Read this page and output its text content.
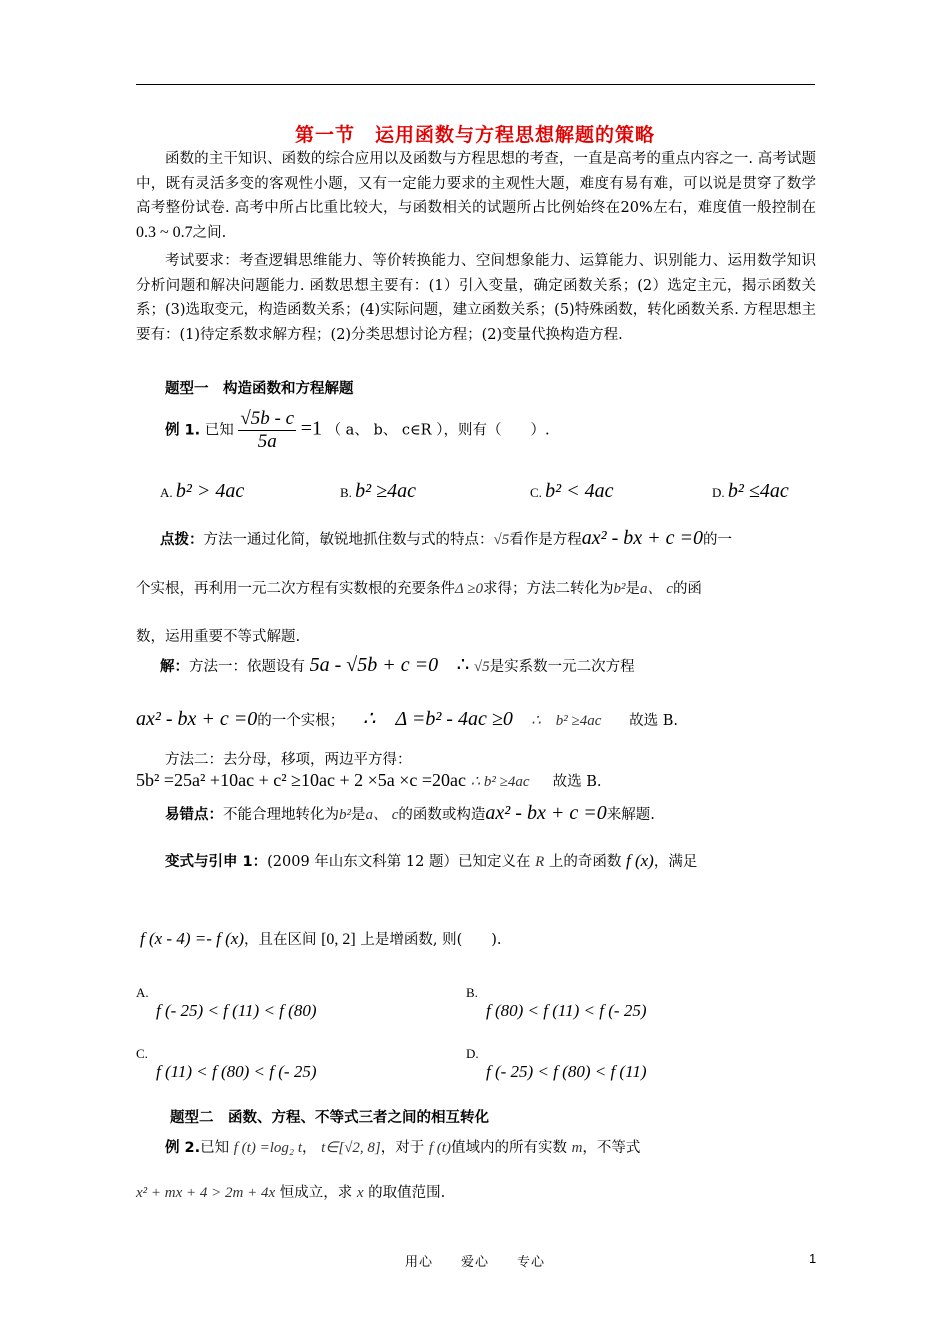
第一节　运用函数与方程思想解题的策略

函数的主干知识、函数的综合应用以及函数与方程思想的考查，一直是高考的重点内容之一. 高考试题中，既有灵活多变的客观性小题，又有一定能力要求的主观性大题，难度有易有难，可以说是贯穿了数学高考整份试卷. 高考中所占比重比较大，与函数相关的试题所占比例始终在20%左右，难度值一般控制在0.3 ~ 0.7之间.

考试要求：考查逻辑思维能力、等价转换能力、空间想象能力、运算能力、识别能力、运用数学知识分析问题和解决问题能力. 函数思想主要有：(1）引入变量，确定函数关系；(2）选定主元，揭示函数关系；(3)选取变元，构造函数关系；(4)实际问题，建立函数关系；(5)特殊函数，转化函数关系. 方程思想主要有：(1)待定系数求解方程；(2)分类思想讨论方程；(2)变量代换构造方程.

题型一　构造函数和方程解题
例 1. 已知 $\frac{√5b - c}{5a} =1$ （ a、 b、 c∈R ），则有（　　）.
A. b² > 4ac	B. b² ≥4ac	C. b² < 4ac	D. b² ≤4ac
点拨：方法一通过化简，敏锐地抓住数与式的特点：√5看作是方程ax² - bx + c =0的一
个实根，再利用一元二次方程有实数根的充要条件Δ ≥0求得；方法二转化为b²是a、 c的函
数，运用重要不等式解题.
解：方法一：依题设有 5a - √5b + c =0 ∴ √5是实系数一元二次方程
ax² - bx + c =0的一个实根； ∴　Δ =b² - 4ac ≥0 ∴　b² ≥4ac 故选 B.
方法二：去分母，移项，两边平方得：
5b² =25a² +10ac + c² ≥10ac + 2 ×5a ×c =20ac ∴ b² ≥4ac 故选 B.
易错点：不能合理地转化为b²是a、 c的函数或构造ax² - bx + c =0来解题.
变式与引申 1：(2009 年山东文科第 12 题）已知定义在 R 上的奇函数 f (x)，满足
f (x - 4) =- f (x)，且在区间 [0, 2] 上是增函数, 则(　　).
A.
f (- 25) < f (11) < f (80)
B.
f (80) < f (11) < f (- 25)
C.
f (11) < f (80) < f (- 25)
D.
f (- 25) < f (80) < f (11)
题型二　函数、方程、不等式三者之间的相互转化
例 2.已知 f (t) =log₂ t， t∈[√2, 8]，对于 f (t)值域内的所有实数 m，不等式
x² + mx + 4 > 2m + 4x 恒成立，求 x 的取值范围.
用心　　爱心　　专心	1
